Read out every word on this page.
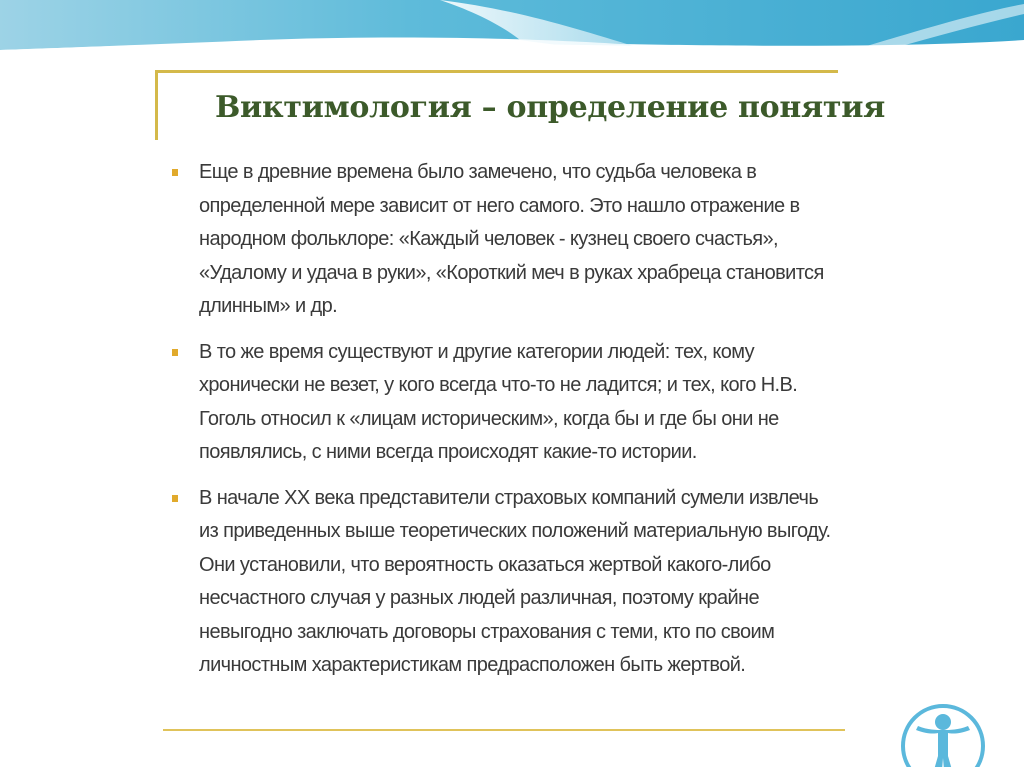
Виктимология – определение понятия
Еще в древние времена было замечено, что судьба человека в определенной мере зависит от него самого. Это нашло отражение в народном фольклоре: «Каждый человек - кузнец своего счастья», «Удалому и удача в руки», «Короткий меч в руках храбреца становится длинным» и др.
В то же время существуют и другие категории людей: тех, кому хронически не везет, у кого всегда что-то не ладится; и тех, кого Н.В. Гоголь относил к «лицам историческим», когда бы и где бы они не появлялись, с ними всегда происходят какие-то истории.
В начале XX века представители страховых компаний сумели извлечь из приведенных выше теоретических положений материальную выгоду. Они установили, что вероятность оказаться жертвой какого-либо несчастного случая у разных людей различная, поэтому крайне невыгодно заключать договоры страхования с теми, кто по своим личностным характеристикам предрасположен быть жертвой.
